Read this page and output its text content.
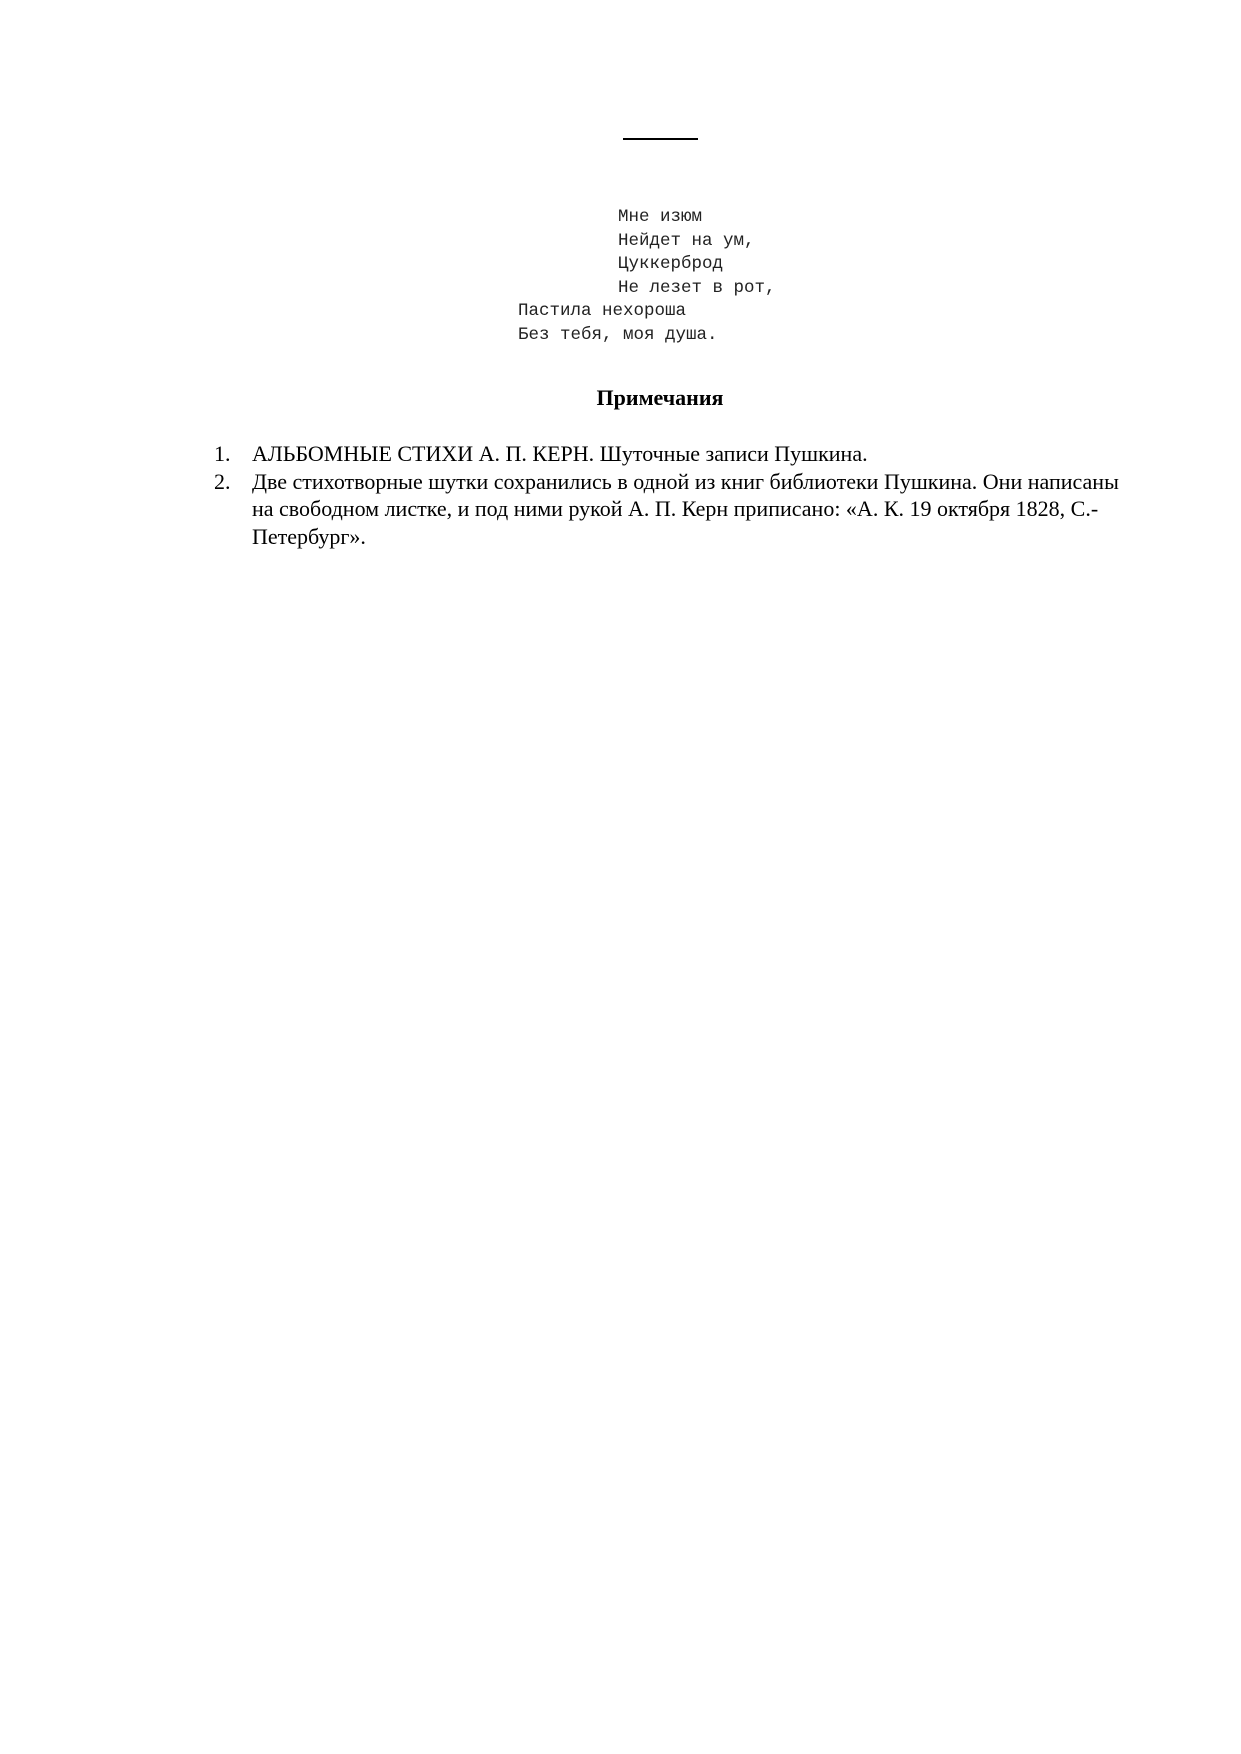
Мне изюм
Нейдет на ум,
Цуккерброд
Не лезет в рот,
Пастила нехороша
Без тебя, моя душа.
Примечания
1. АЛЬБОМНЫЕ СТИХИ А. П. КЕРН. Шуточные записи Пушкина.
2. Две стихотворные шутки сохранились в одной из книг библиотеки Пушкина. Они написаны на свободном листке, и под ними рукой А. П. Керн приписано: «А. К. 19 октября 1828, С.-Петербург».
